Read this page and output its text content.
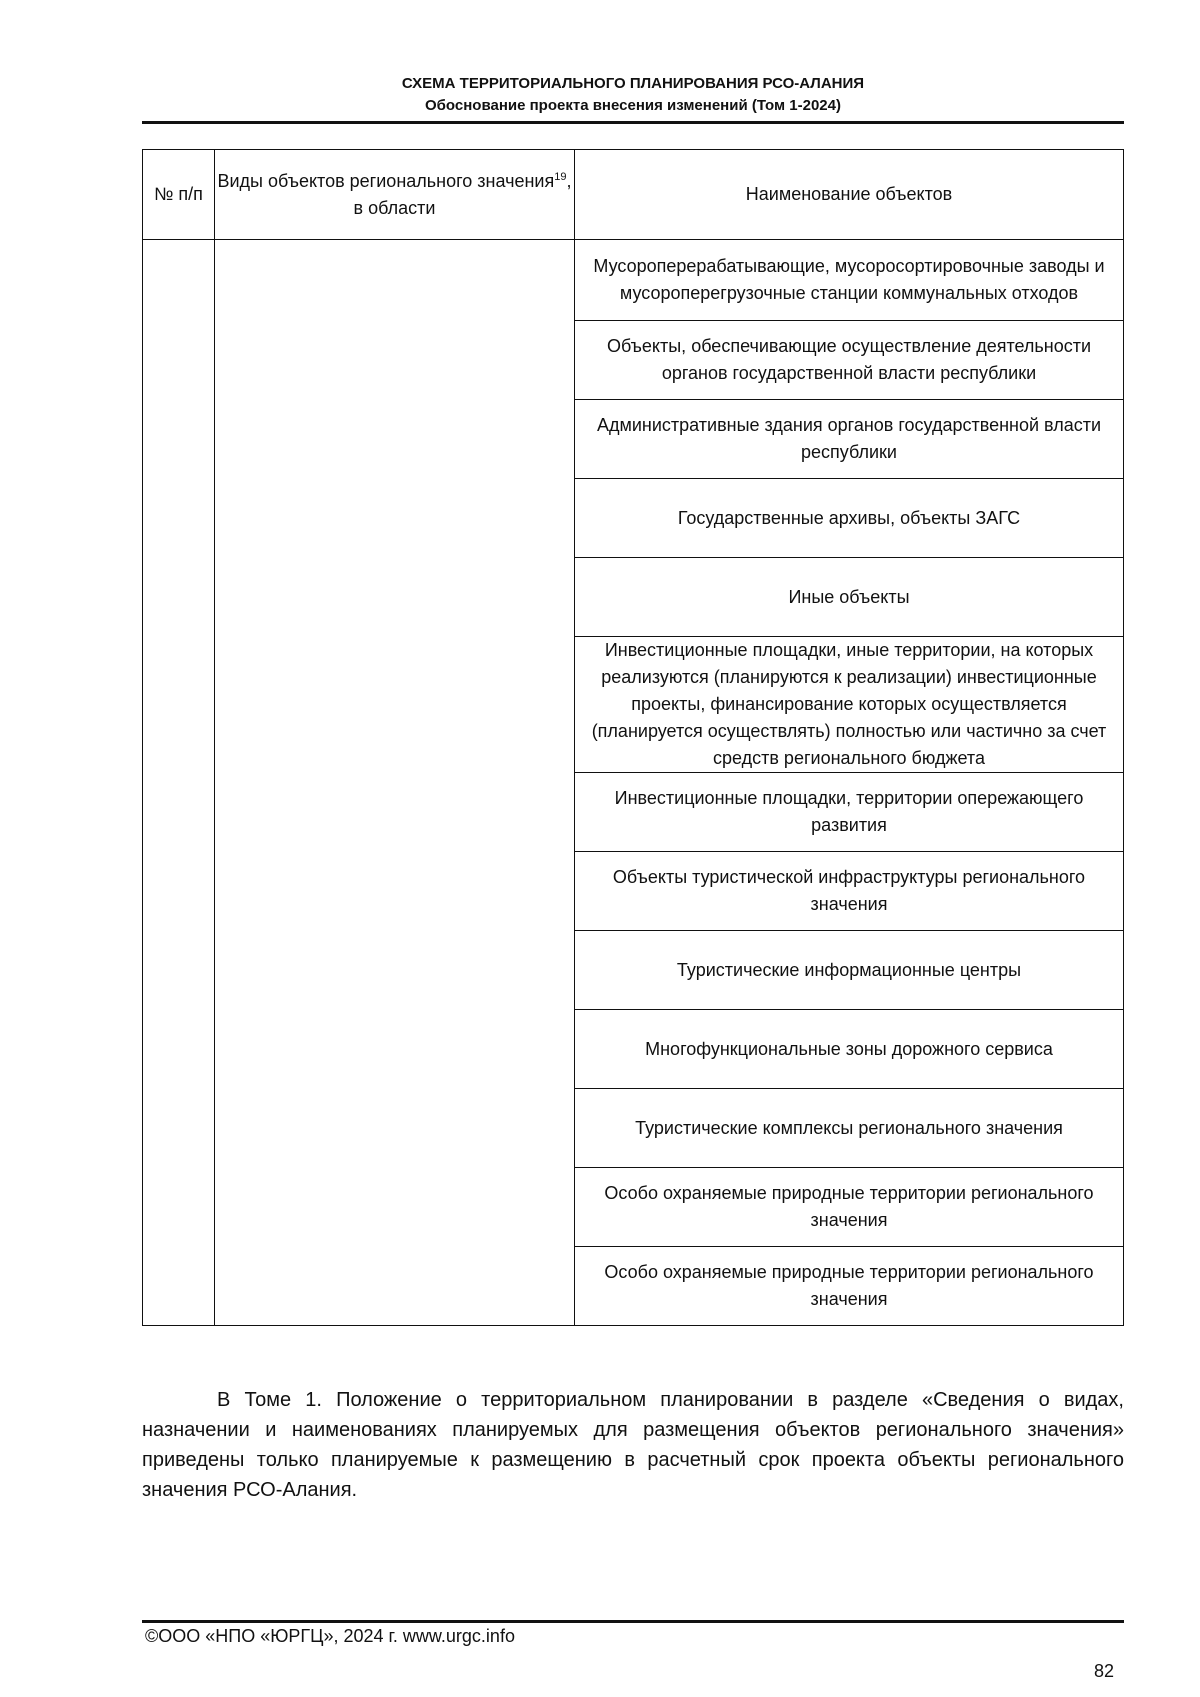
СХЕМА ТЕРРИТОРИАЛЬНОГО ПЛАНИРОВАНИЯ РСО-АЛАНИЯ
Обоснование проекта внесения изменений (Том 1-2024)
№ п/п	Виды объектов регионального значения$^{19}$, в области	Наименование объектов
		Мусороперерабатывающие, мусоросортировочные заводы и мусороперегрузочные станции коммунальных отходов
		Объекты, обеспечивающие осуществление деятельности органов государственной власти республики
		Административные здания органов государственной власти республики
		Государственные архивы, объекты ЗАГС
		Иные объекты
		Инвестиционные площадки, иные территории, на которых реализуются (планируются к реализации) инвестиционные проекты, финансирование которых осуществляется (планируется осуществлять) полностью или частично за счет средств регионального бюджета
		Инвестиционные площадки, территории опережающего развития
		Объекты туристической инфраструктуры регионального значения
		Туристические информационные центры
		Многофункциональные зоны дорожного сервиса
		Туристические комплексы регионального значения
		Особо охраняемые природные территории регионального значения
		Особо охраняемые природные территории регионального значения

В Томе 1. Положение о территориальном планировании в разделе «Сведения о видах, назначении и наименованиях планируемых для размещения объектов регионального значения» приведены только планируемые к размещению в расчетный срок проекта объекты регионального значения РСО-Алания.

©ООО «НПО «ЮРГЦ», 2024 г. www.urgc.info
82
